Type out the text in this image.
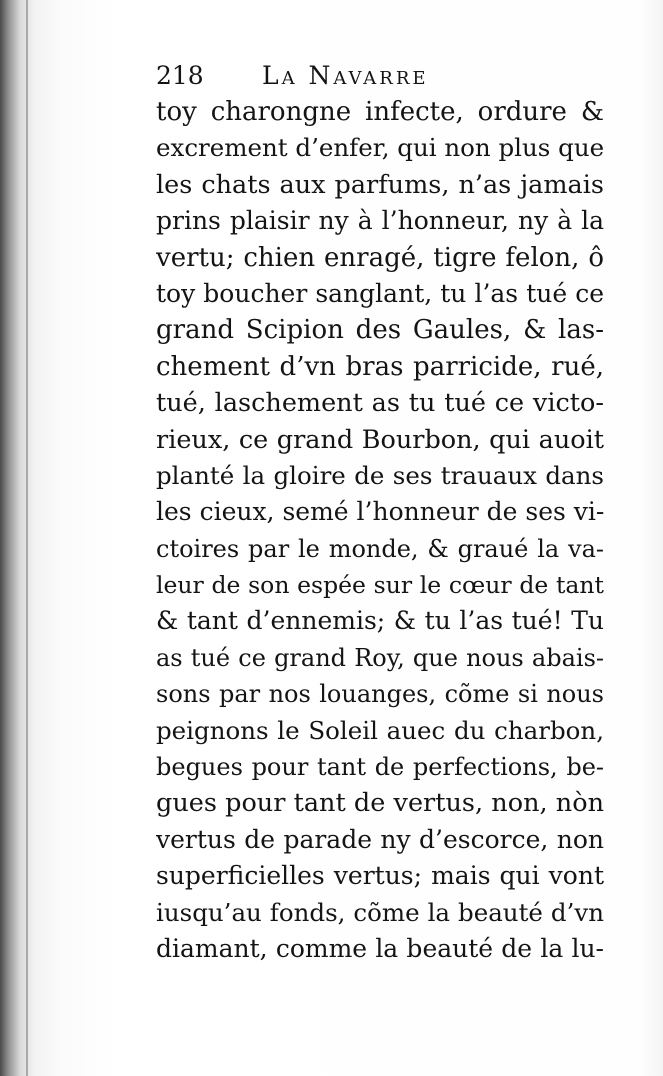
218 La Navarre
toy charongne infecte, ordure &
excrement d’enfer, qui non plus que
les chats aux parfums, n’as jamais
prins plaisir ny à l’honneur, ny à la
vertu; chien enragé, tigre felon, ô
toy boucher sanglant, tu l’as tué ce
grand Scipion des Gaules, & las-
chement d’vn bras parricide, rué,
tué, laschement as tu tué ce victo-
rieux, ce grand Bourbon, qui auoit
planté la gloire de ses trauaux dans
les cieux, semé l’honneur de ses vi-
ctoires par le monde, & graué la va-
leur de son espée sur le cœur de tant
& tant d’ennemis; & tu l’as tué! Tu
as tué ce grand Roy, que nous abais-
sons par nos louanges, cõme si nous
peignons le Soleil auec du charbon,
begues pour tant de perfections, be-
gues pour tant de vertus, non, nòn
vertus de parade ny d’escorce, non
superficielles vertus; mais qui vont
iusqu’au fonds, cõme la beauté d’vn
diamant, comme la beauté de la lu-
